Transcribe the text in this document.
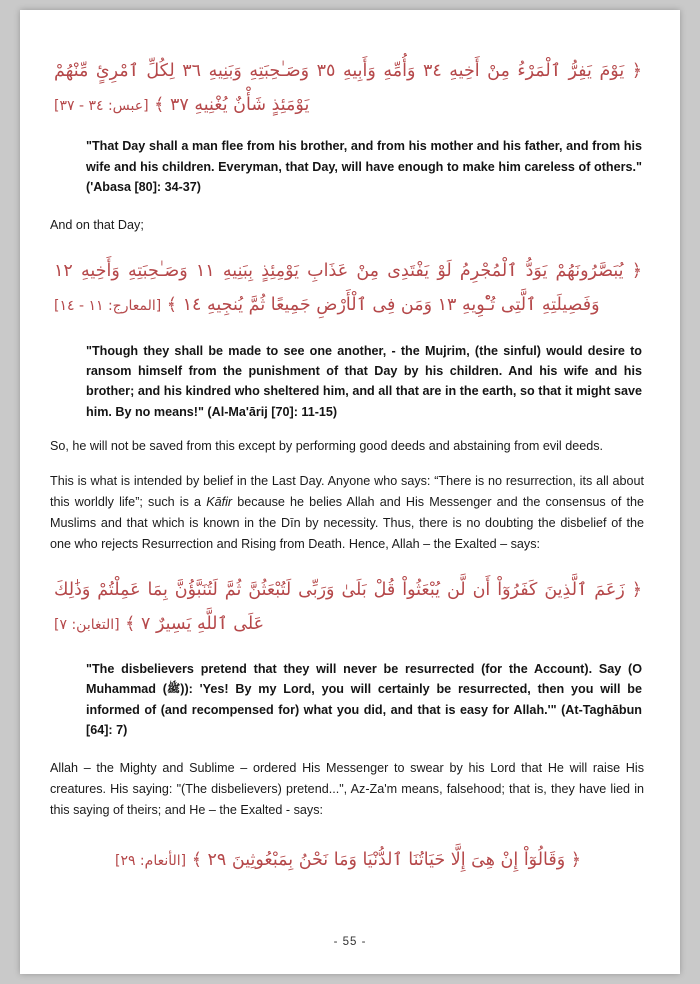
﴿ يَوْمَ يَفِرُّ ٱلْمَرْءُ مِنْ أَخِيهِ ٣٤ وَأُمِّهِ وَأَبِيهِ ٣٥ وَصَـٰحِبَتِهِ وَبَنِيهِ ٣٦ لِكُلِّ ٱمْرِئٍ مِّنْهُمْ يَوْمَئِذٍ شَأْنٌ يُغْنِيهِ ٣٧ ﴾ [عبس: ٣٤ - ٣٧]
"That Day shall a man flee from his brother, and from his mother and his father, and from his wife and his children. Everyman, that Day, will have enough to make him careless of others." ('Abasa [80]: 34-37)
And on that Day;
﴿ يُبَصَّرُونَهُمْ يَوَدُّ ٱلْمُجْرِمُ لَوْ يَفْتَدِى مِنْ عَذَابِ يَوْمِئِذٍ بِبَنِيهِ ١١ وَصَـٰحِبَتِهِ وَأَخِيهِ ١٢ وَفَصِيلَتِهِ ٱلَّتِى تُـْٔوِيهِ ١٣ وَمَن فِى ٱلْأَرْضِ جَمِيعًا ثُمَّ يُنجِيهِ ١٤ ﴾ [المعارج: ١١ - ١٤]
"Though they shall be made to see one another, - the Mujrim, (the sinful) would desire to ransom himself from the punishment of that Day by his children. And his wife and his brother; and his kindred who sheltered him, and all that are in the earth, so that it might save him. By no means!" (Al-Ma'ārij [70]: 11-15)
So, he will not be saved from this except by performing good deeds and abstaining from evil deeds.
This is what is intended by belief in the Last Day. Anyone who says: “There is no resurrection, its all about this worldly life”; such is a Kāfir because he belies Allah and His Messenger and the consensus of the Muslims and that which is known in the Dīn by necessity. Thus, there is no doubting the disbelief of the one who rejects Resurrection and Rising from Death. Hence, Allah – the Exalted – says:
﴿ زَعَمَ ٱلَّذِينَ كَفَرُوٓاْ أَن لَّن يُبْعَثُواْ قُلْ بَلَىٰ وَرَبِّى لَتُبْعَثُنَّ ثُمَّ لَتُنَبَّؤُنَّ بِمَا عَمِلْتُمْ وَذَٰلِكَ عَلَى ٱللَّهِ يَسِيرٌ ٧ ﴾ [التغابن: ٧]
"The disbelievers pretend that they will never be resurrected (for the Account). Say (O Muhammad (ﷺ)): 'Yes! By my Lord, you will certainly be resurrected, then you will be informed of (and recompensed for) what you did, and that is easy for Allah.'" (At-Taghābun [64]: 7)
Allah – the Mighty and Sublime – ordered His Messenger to swear by his Lord that He will raise His creatures. His saying: "(The disbelievers) pretend...", Az-Za'm means, falsehood; that is, they have lied in this saying of theirs; and He – the Exalted - says:
﴿ وَقَالُوٓاْ إِنْ هِىَ إِلَّا حَيَاتُنَا ٱلدُّنْيَا وَمَا نَحْنُ بِمَبْعُوثِينَ ٢٩ ﴾ [الأنعام: ٢٩]
- 55 -
